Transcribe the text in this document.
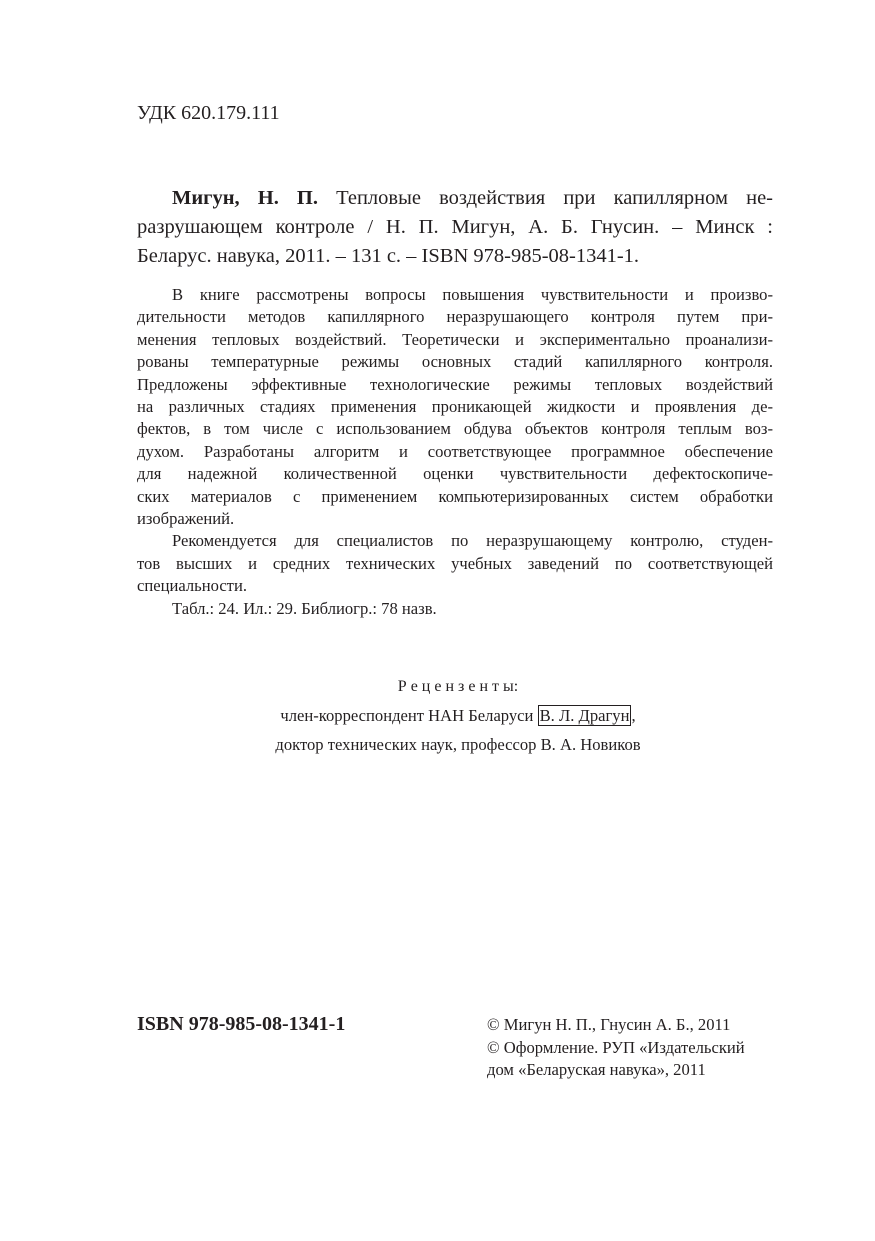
УДК 620.179.111
Мигун, Н. П. Тепловые воздействия при капиллярном не-
разрушающем контроле / Н. П. Мигун, А. Б. Гнусин. – Минск :
Беларус. навука, 2011. – 131 с. – ISBN 978-985-08-1341-1.
В книге рассмотрены вопросы повышения чувствительности и произво-
дительности методов капиллярного неразрушающего контроля путем при-
менения тепловых воздействий. Теоретически и экспериментально проанализи-
рованы температурные режимы основных стадий капиллярного контроля.
Предложены эффективные технологические режимы тепловых воздействий
на различных стадиях применения проникающей жидкости и проявления де-
фектов, в том числе с использованием обдува объектов контроля теплым воз-
духом. Разработаны алгоритм и соответствующее программное обеспечение
для надежной количественной оценки чувствительности дефектоскопиче-
ских материалов с применением компьютеризированных систем обработки
изображений.
Рекомендуется для специалистов по неразрушающему контролю, студен-
тов высших и средних технических учебных заведений по соответствующей
специальности.
Табл.: 24. Ил.: 29. Библиогр.: 78 назв.
Р е ц е н з е н т ы:
член-корреспондент НАН Беларуси В. Л. Драгун ,
доктор технических наук, профессор В. А. Новиков
ISBN 978-985-08-1341-1	© Мигун Н. П., Гнусин А. Б., 2011
© Оформление. РУП «Издательский
дом «Беларуская навука», 2011
